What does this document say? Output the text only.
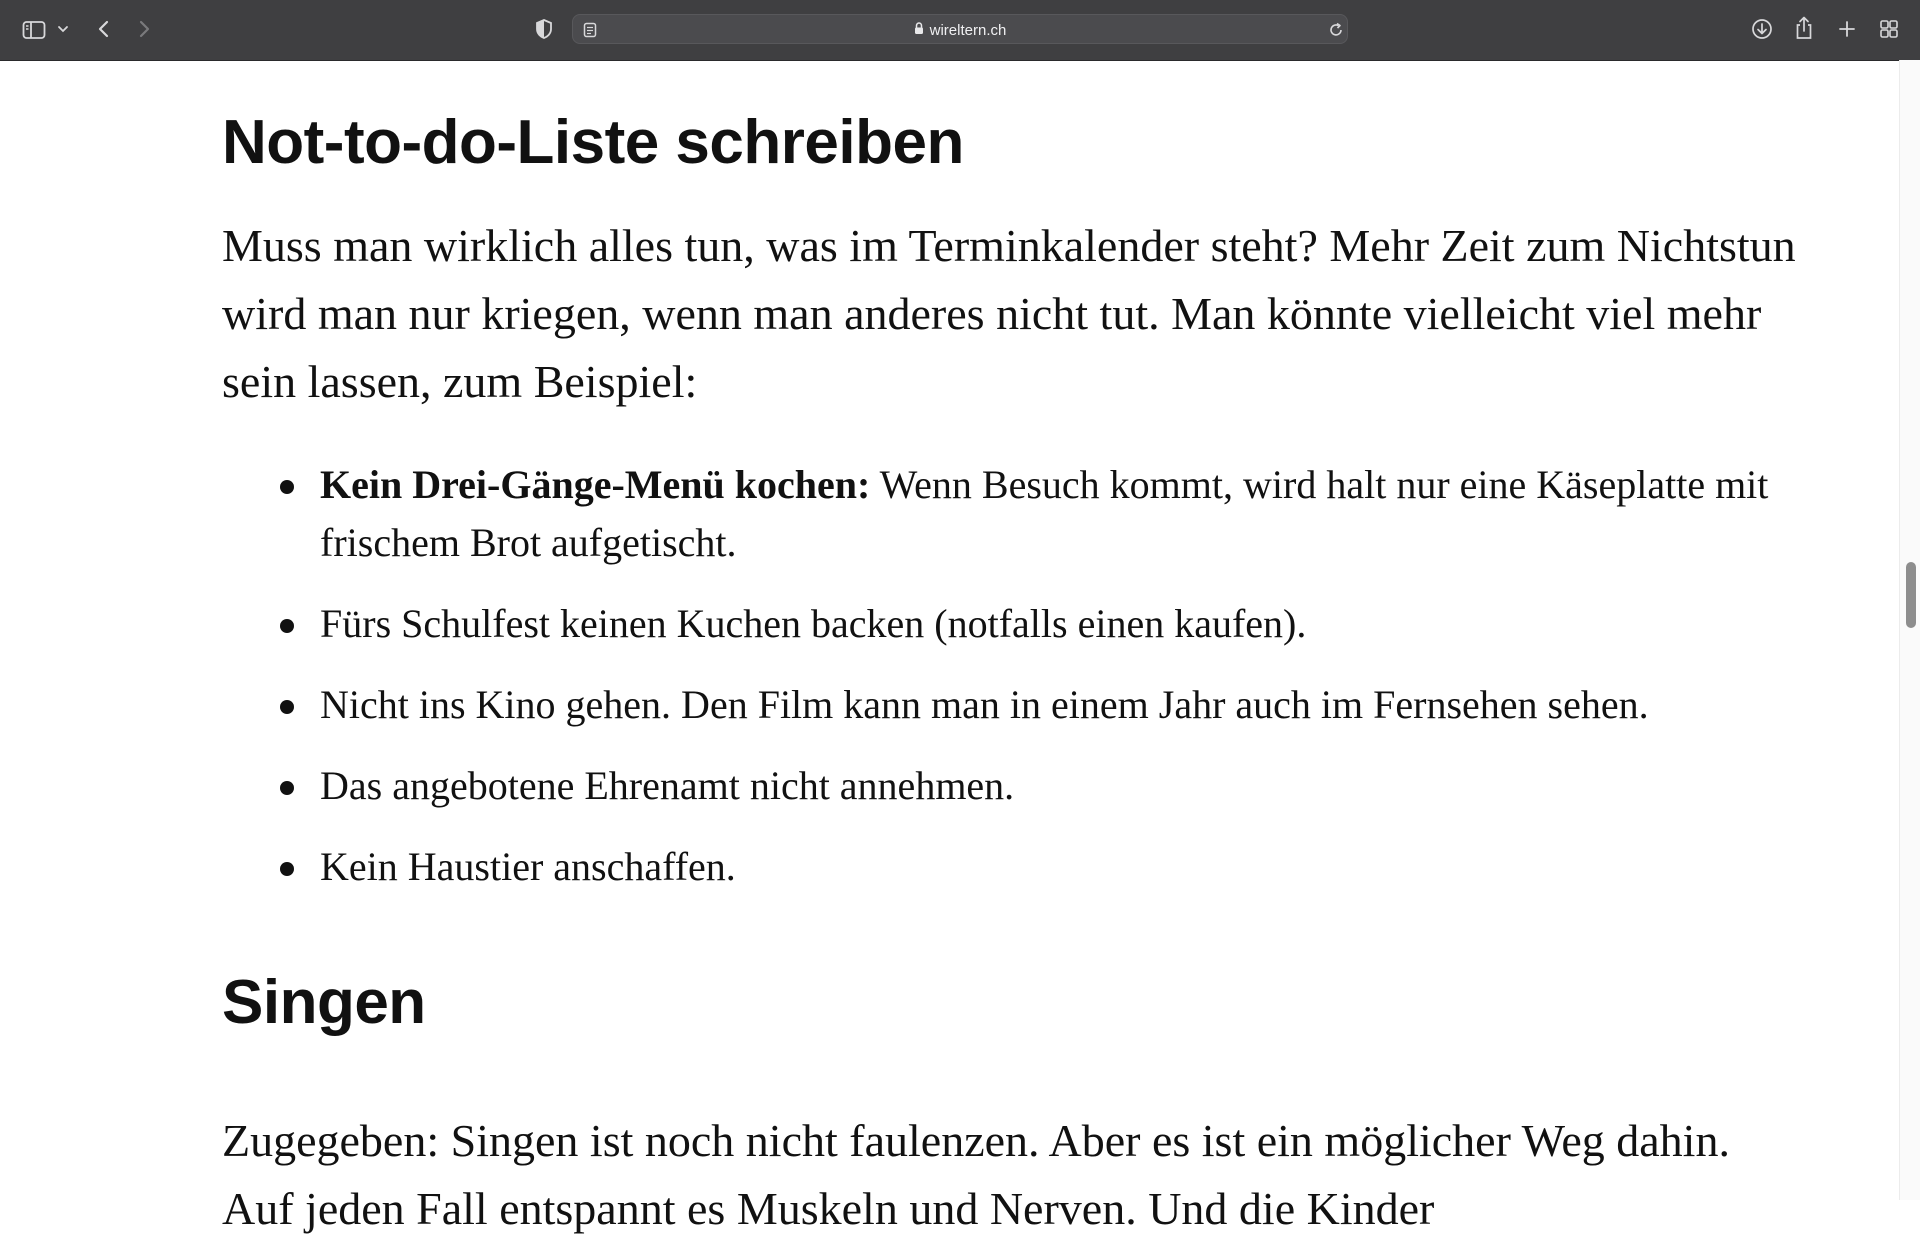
wireltern.ch
Not-to-do-Liste schreiben

Muss man wirklich alles tun, was im Terminkalender steht? Mehr Zeit zum Nichtstun wird man nur kriegen, wenn man anderes nicht tut. Man könnte vielleicht viel mehr sein lassen, zum Beispiel:

Kein Drei-Gänge-Menü kochen: Wenn Besuch kommt, wird halt nur eine Käseplatte mit frischem Brot aufgetischt.
Fürs Schulfest keinen Kuchen backen (notfalls einen kaufen).
Nicht ins Kino gehen. Den Film kann man in einem Jahr auch im Fernsehen sehen.
Das angebotene Ehrenamt nicht annehmen.
Kein Haustier anschaffen.
Singen

Zugegeben: Singen ist noch nicht faulenzen. Aber es ist ein möglicher Weg dahin. Auf jeden Fall entspannt es Muskeln und Nerven. Und die Kinder
